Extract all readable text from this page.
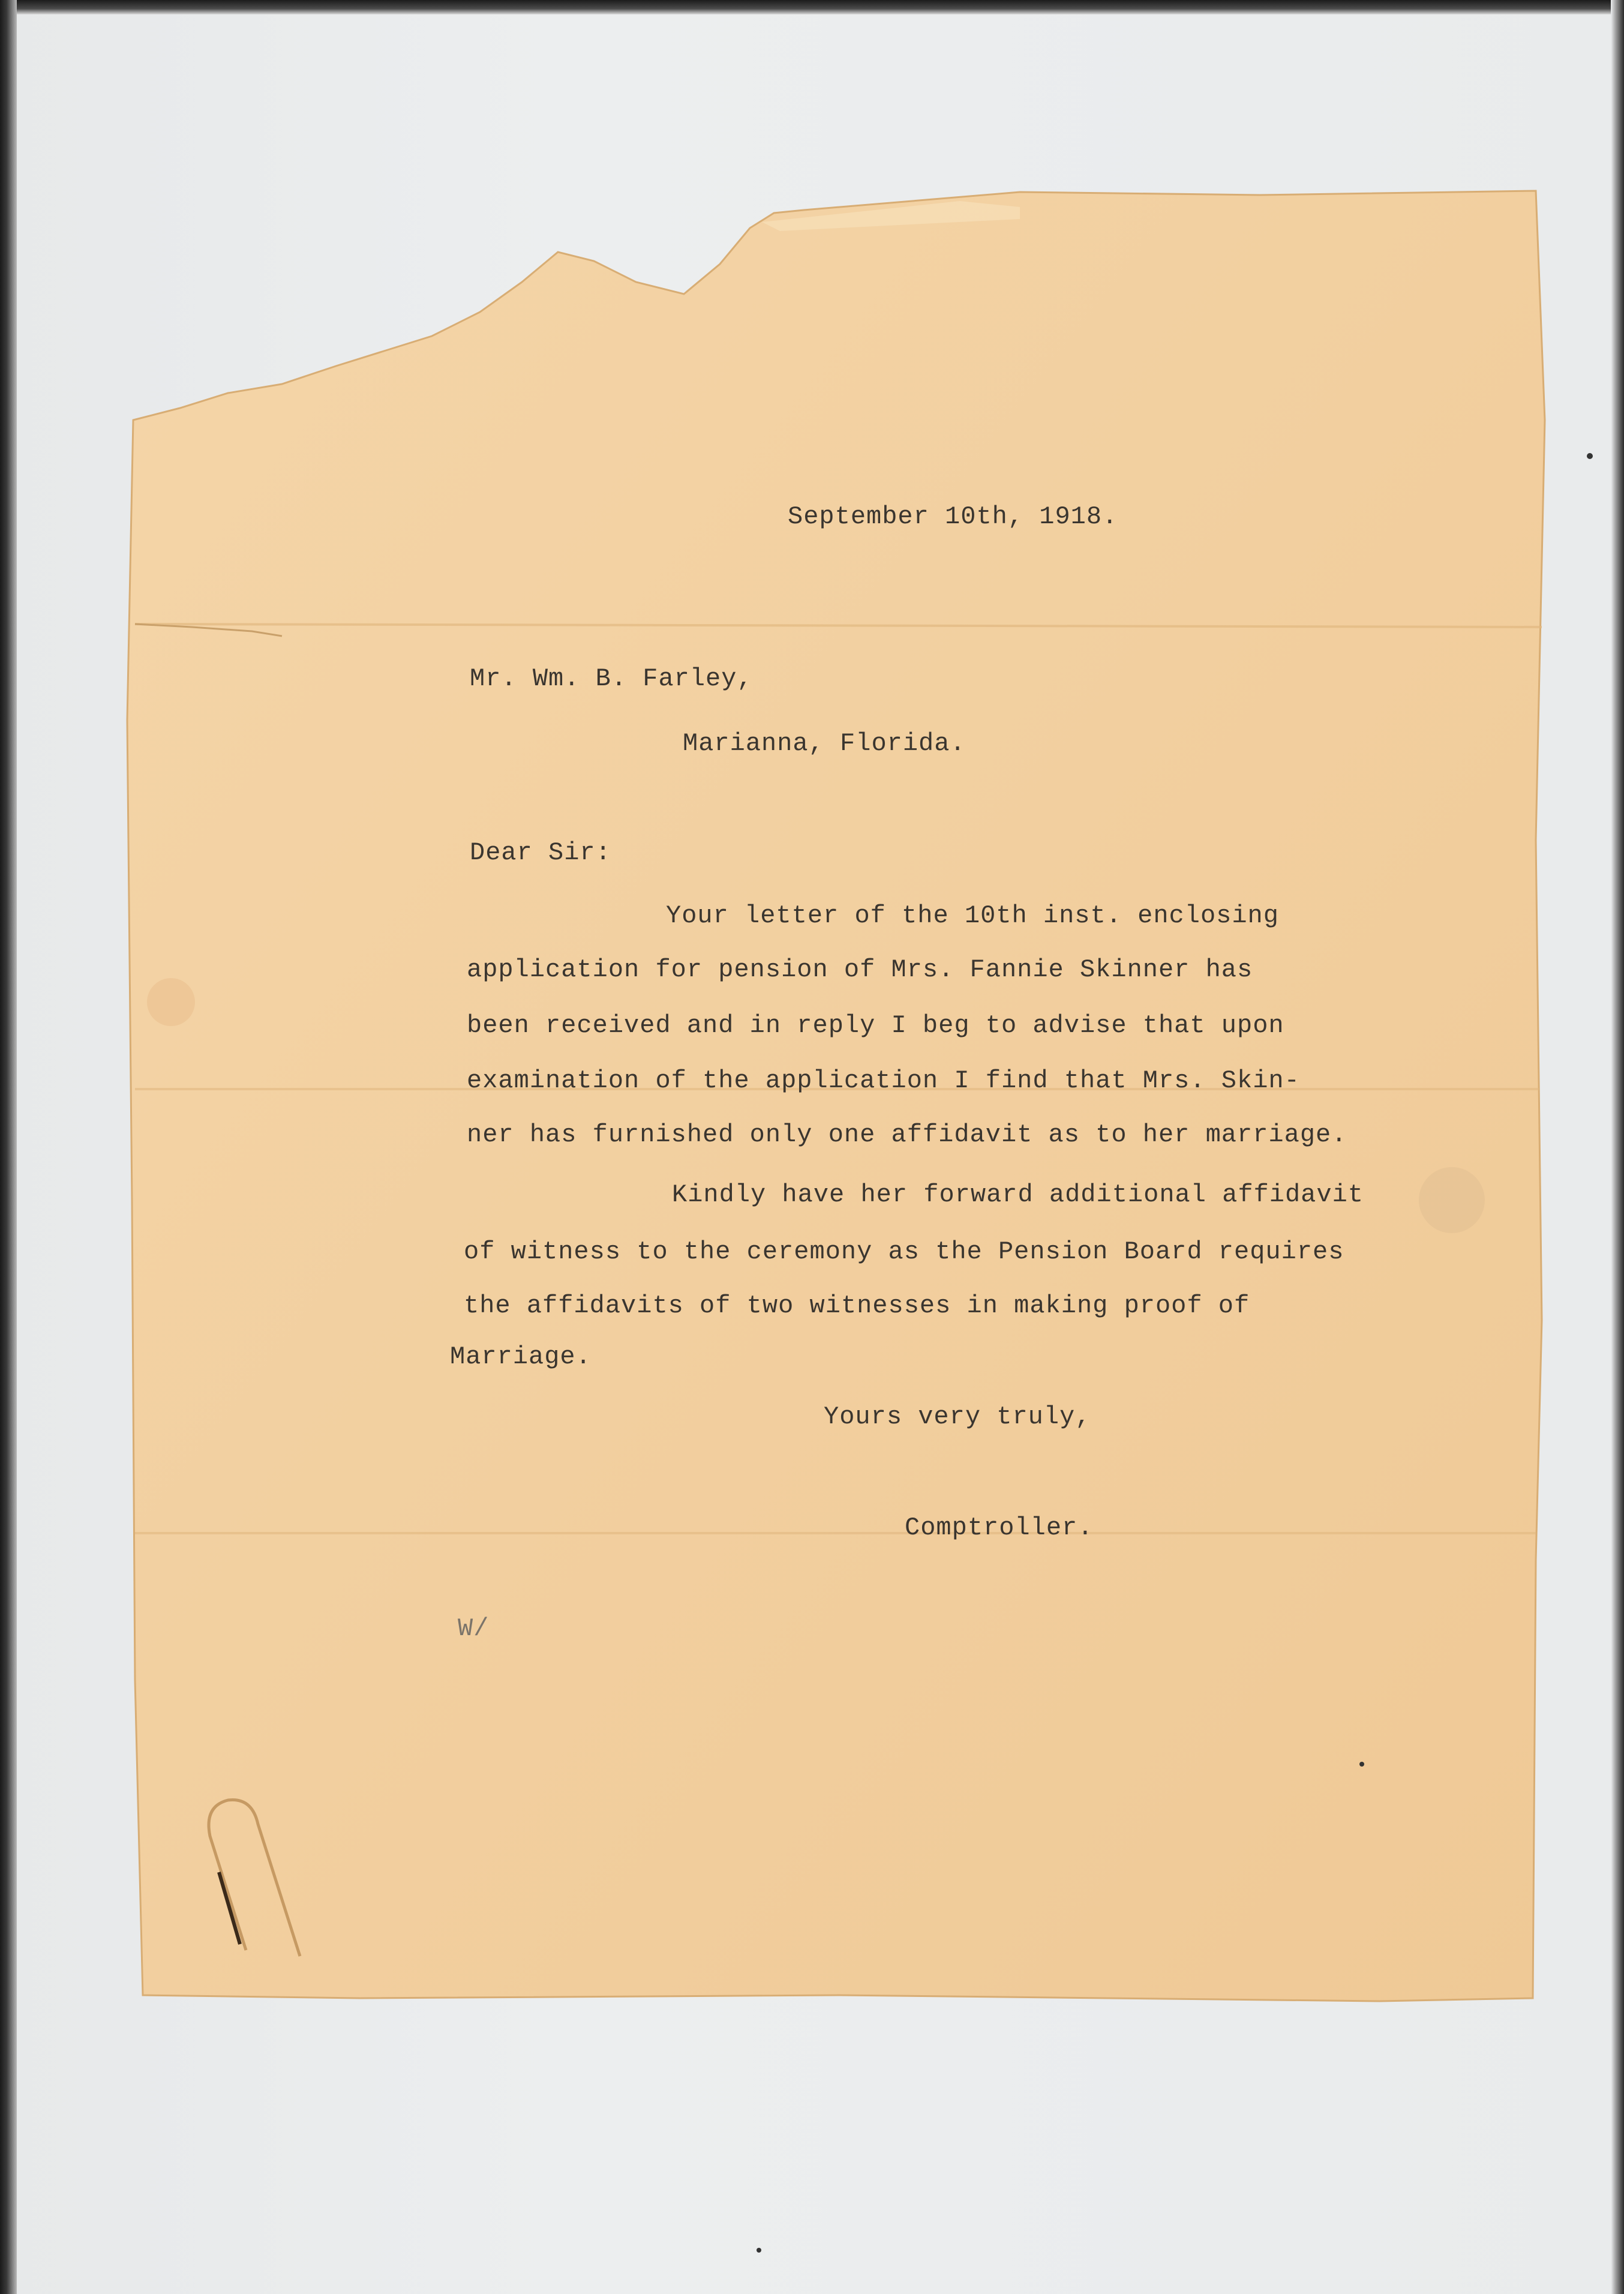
September 10th, 1918.
Mr. Wm. B. Farley,
Marianna, Florida.
Dear Sir:
Your letter of the 10th inst. enclosing
application for pension of Mrs. Fannie Skinner has
been received and in reply I beg to advise that upon
examination of the application I find that Mrs. Skin-
ner has furnished only one affidavit as to her marriage.
Kindly have her forward additional affidavit
of witness to the ceremony as the Pension Board requires
the affidavits of two witnesses in making proof of
Marriage.
Yours very truly,
Comptroller.
W/
